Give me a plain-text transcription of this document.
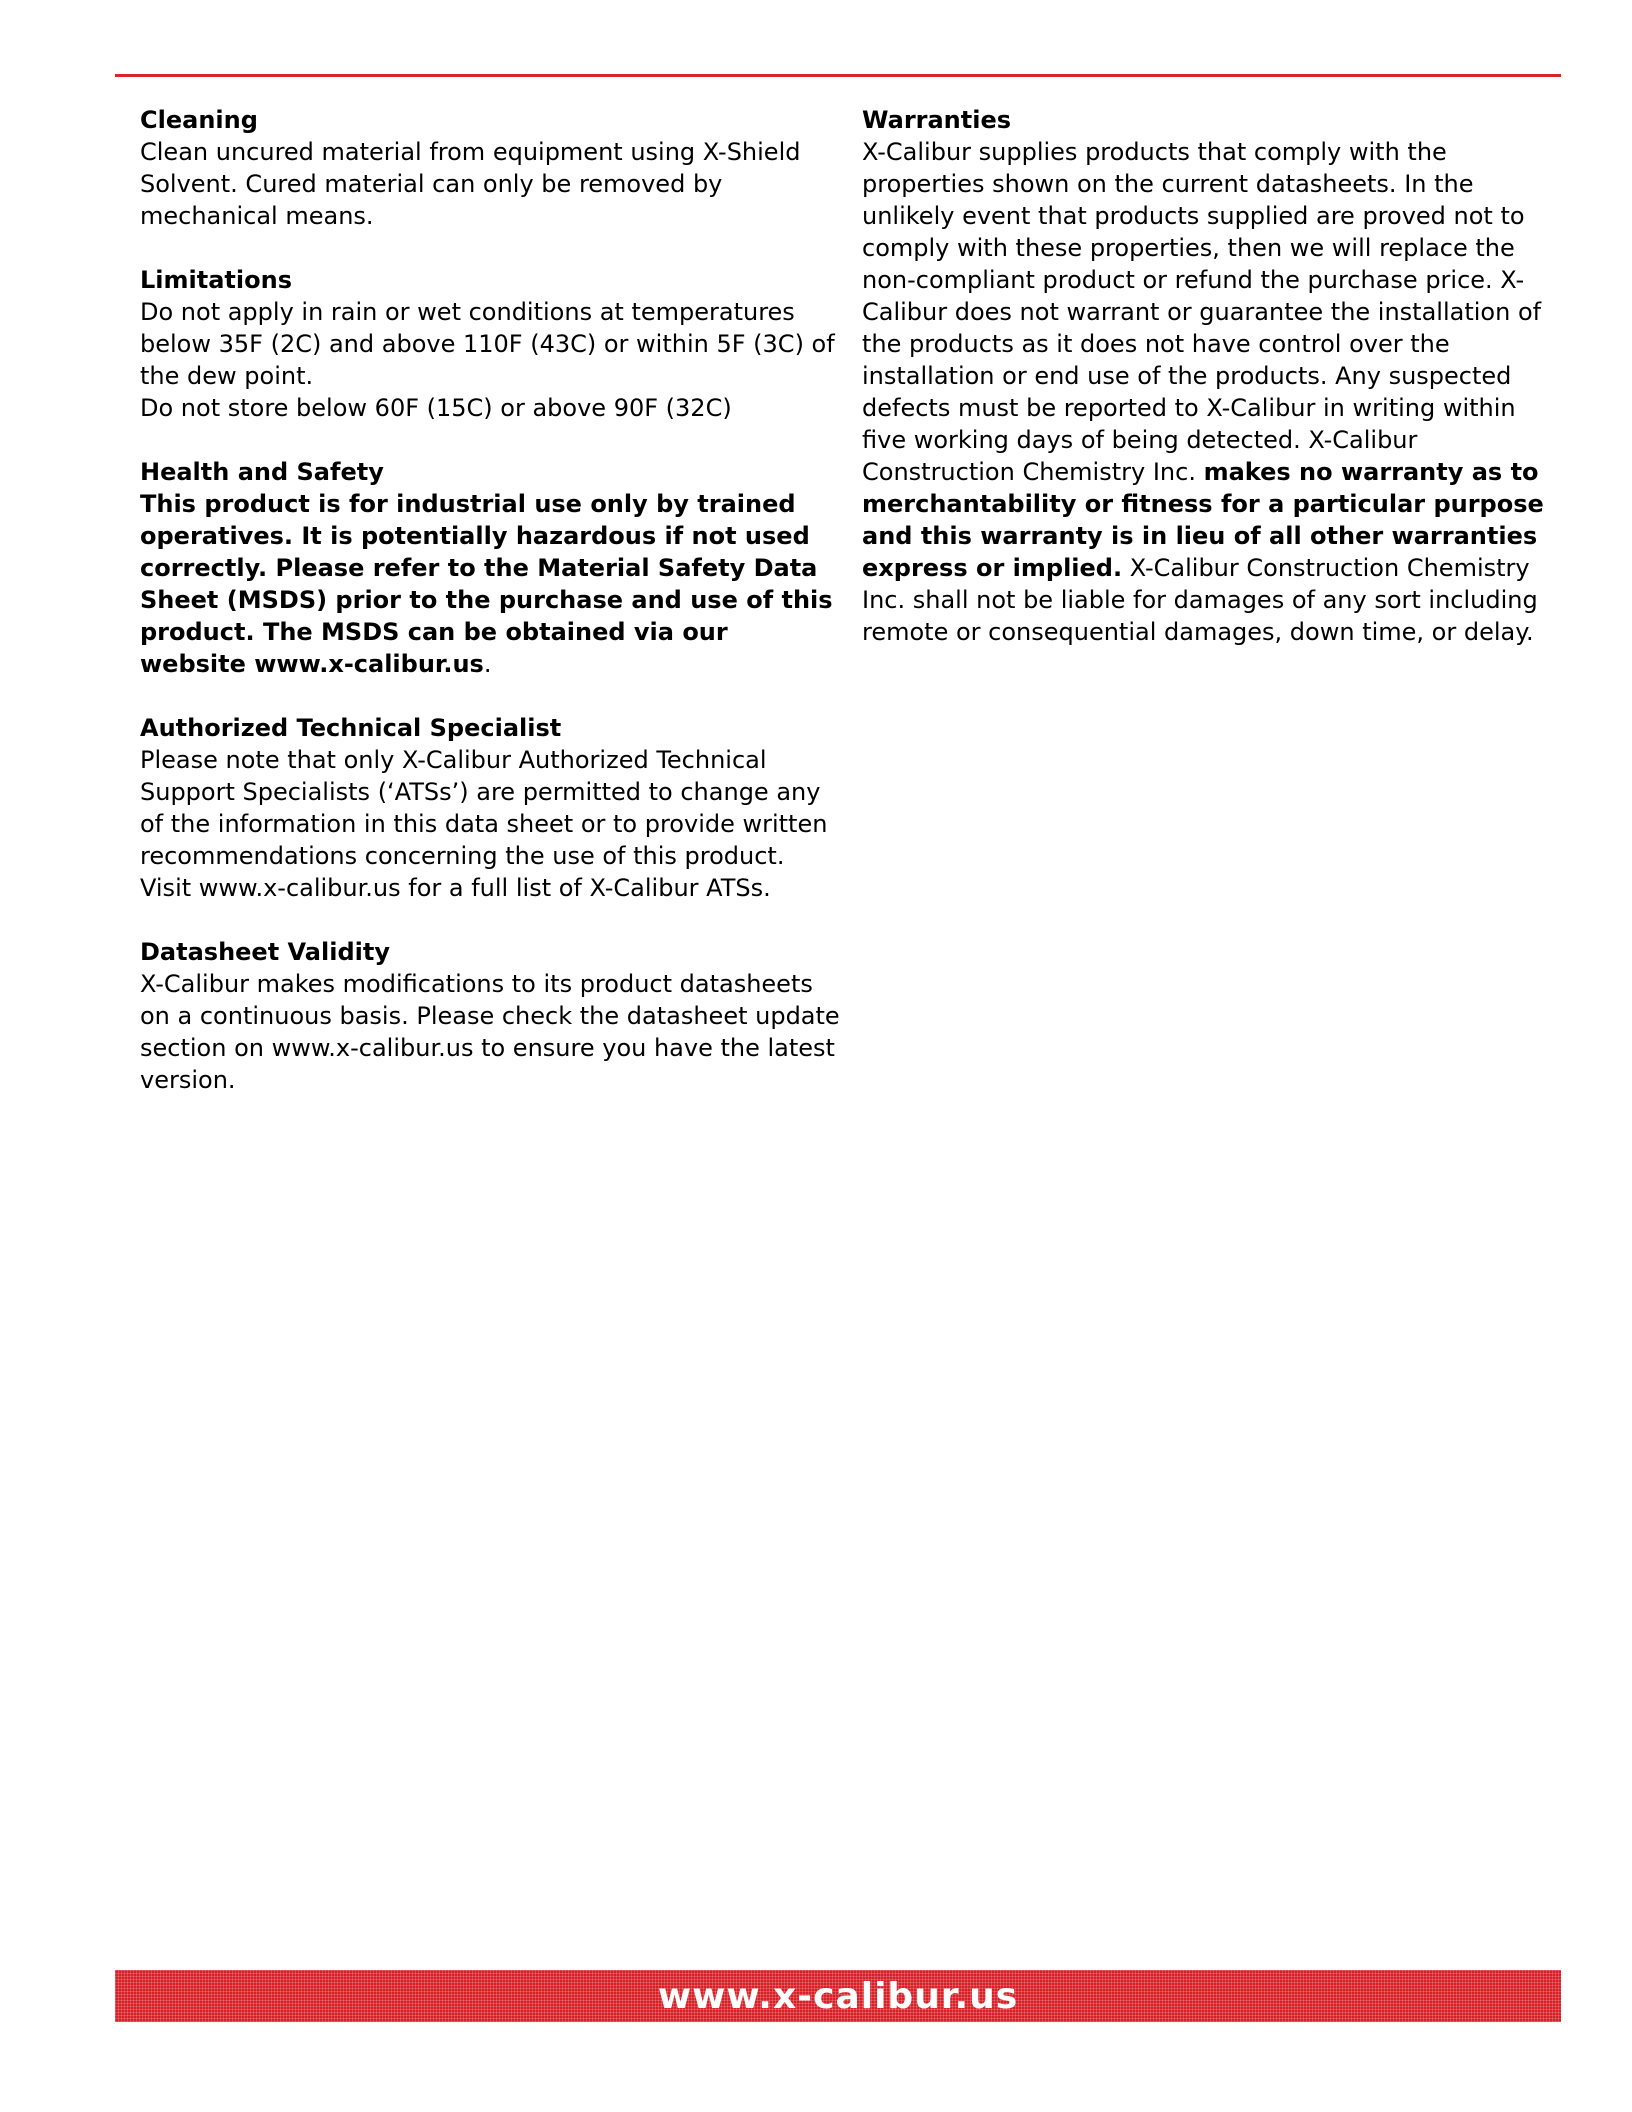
Cleaning
Clean uncured material from equipment using X-Shield Solvent. Cured material can only be removed by mechanical means.
Limitations
Do not apply in rain or wet conditions at temperatures below 35F (2C) and above 110F (43C) or within 5F (3C) of the dew point.
Do not store below 60F (15C) or above 90F (32C)
Health and Safety
This product is for industrial use only by trained operatives. It is potentially hazardous if not used correctly. Please refer to the Material Safety Data Sheet (MSDS) prior to the purchase and use of this product. The MSDS can be obtained via our website www.x-calibur.us.
Authorized Technical Specialist
Please note that only X-Calibur Authorized Technical Support Specialists (‘ATSs’) are permitted to change any of the information in this data sheet or to provide written recommendations concerning the use of this product. Visit www.x-calibur.us for a full list of X-Calibur ATSs.
Datasheet Validity
X-Calibur makes modifications to its product datasheets on a continuous basis. Please check the datasheet update section on www.x-calibur.us to ensure you have the latest version.
Warranties
X-Calibur supplies products that comply with the properties shown on the current datasheets. In the unlikely event that products supplied are proved not to comply with these properties, then we will replace the non-compliant product or refund the purchase price. X-Calibur does not warrant or guarantee the installation of the products as it does not have control over the installation or end use of the products. Any suspected defects must be reported to X-Calibur in writing within five working days of being detected. X-Calibur Construction Chemistry Inc. makes no warranty as to merchantability or fitness for a particular purpose and this warranty is in lieu of all other warranties express or implied. X-Calibur Construction Chemistry Inc. shall not be liable for damages of any sort including remote or consequential damages, down time, or delay.
www.x-calibur.us
